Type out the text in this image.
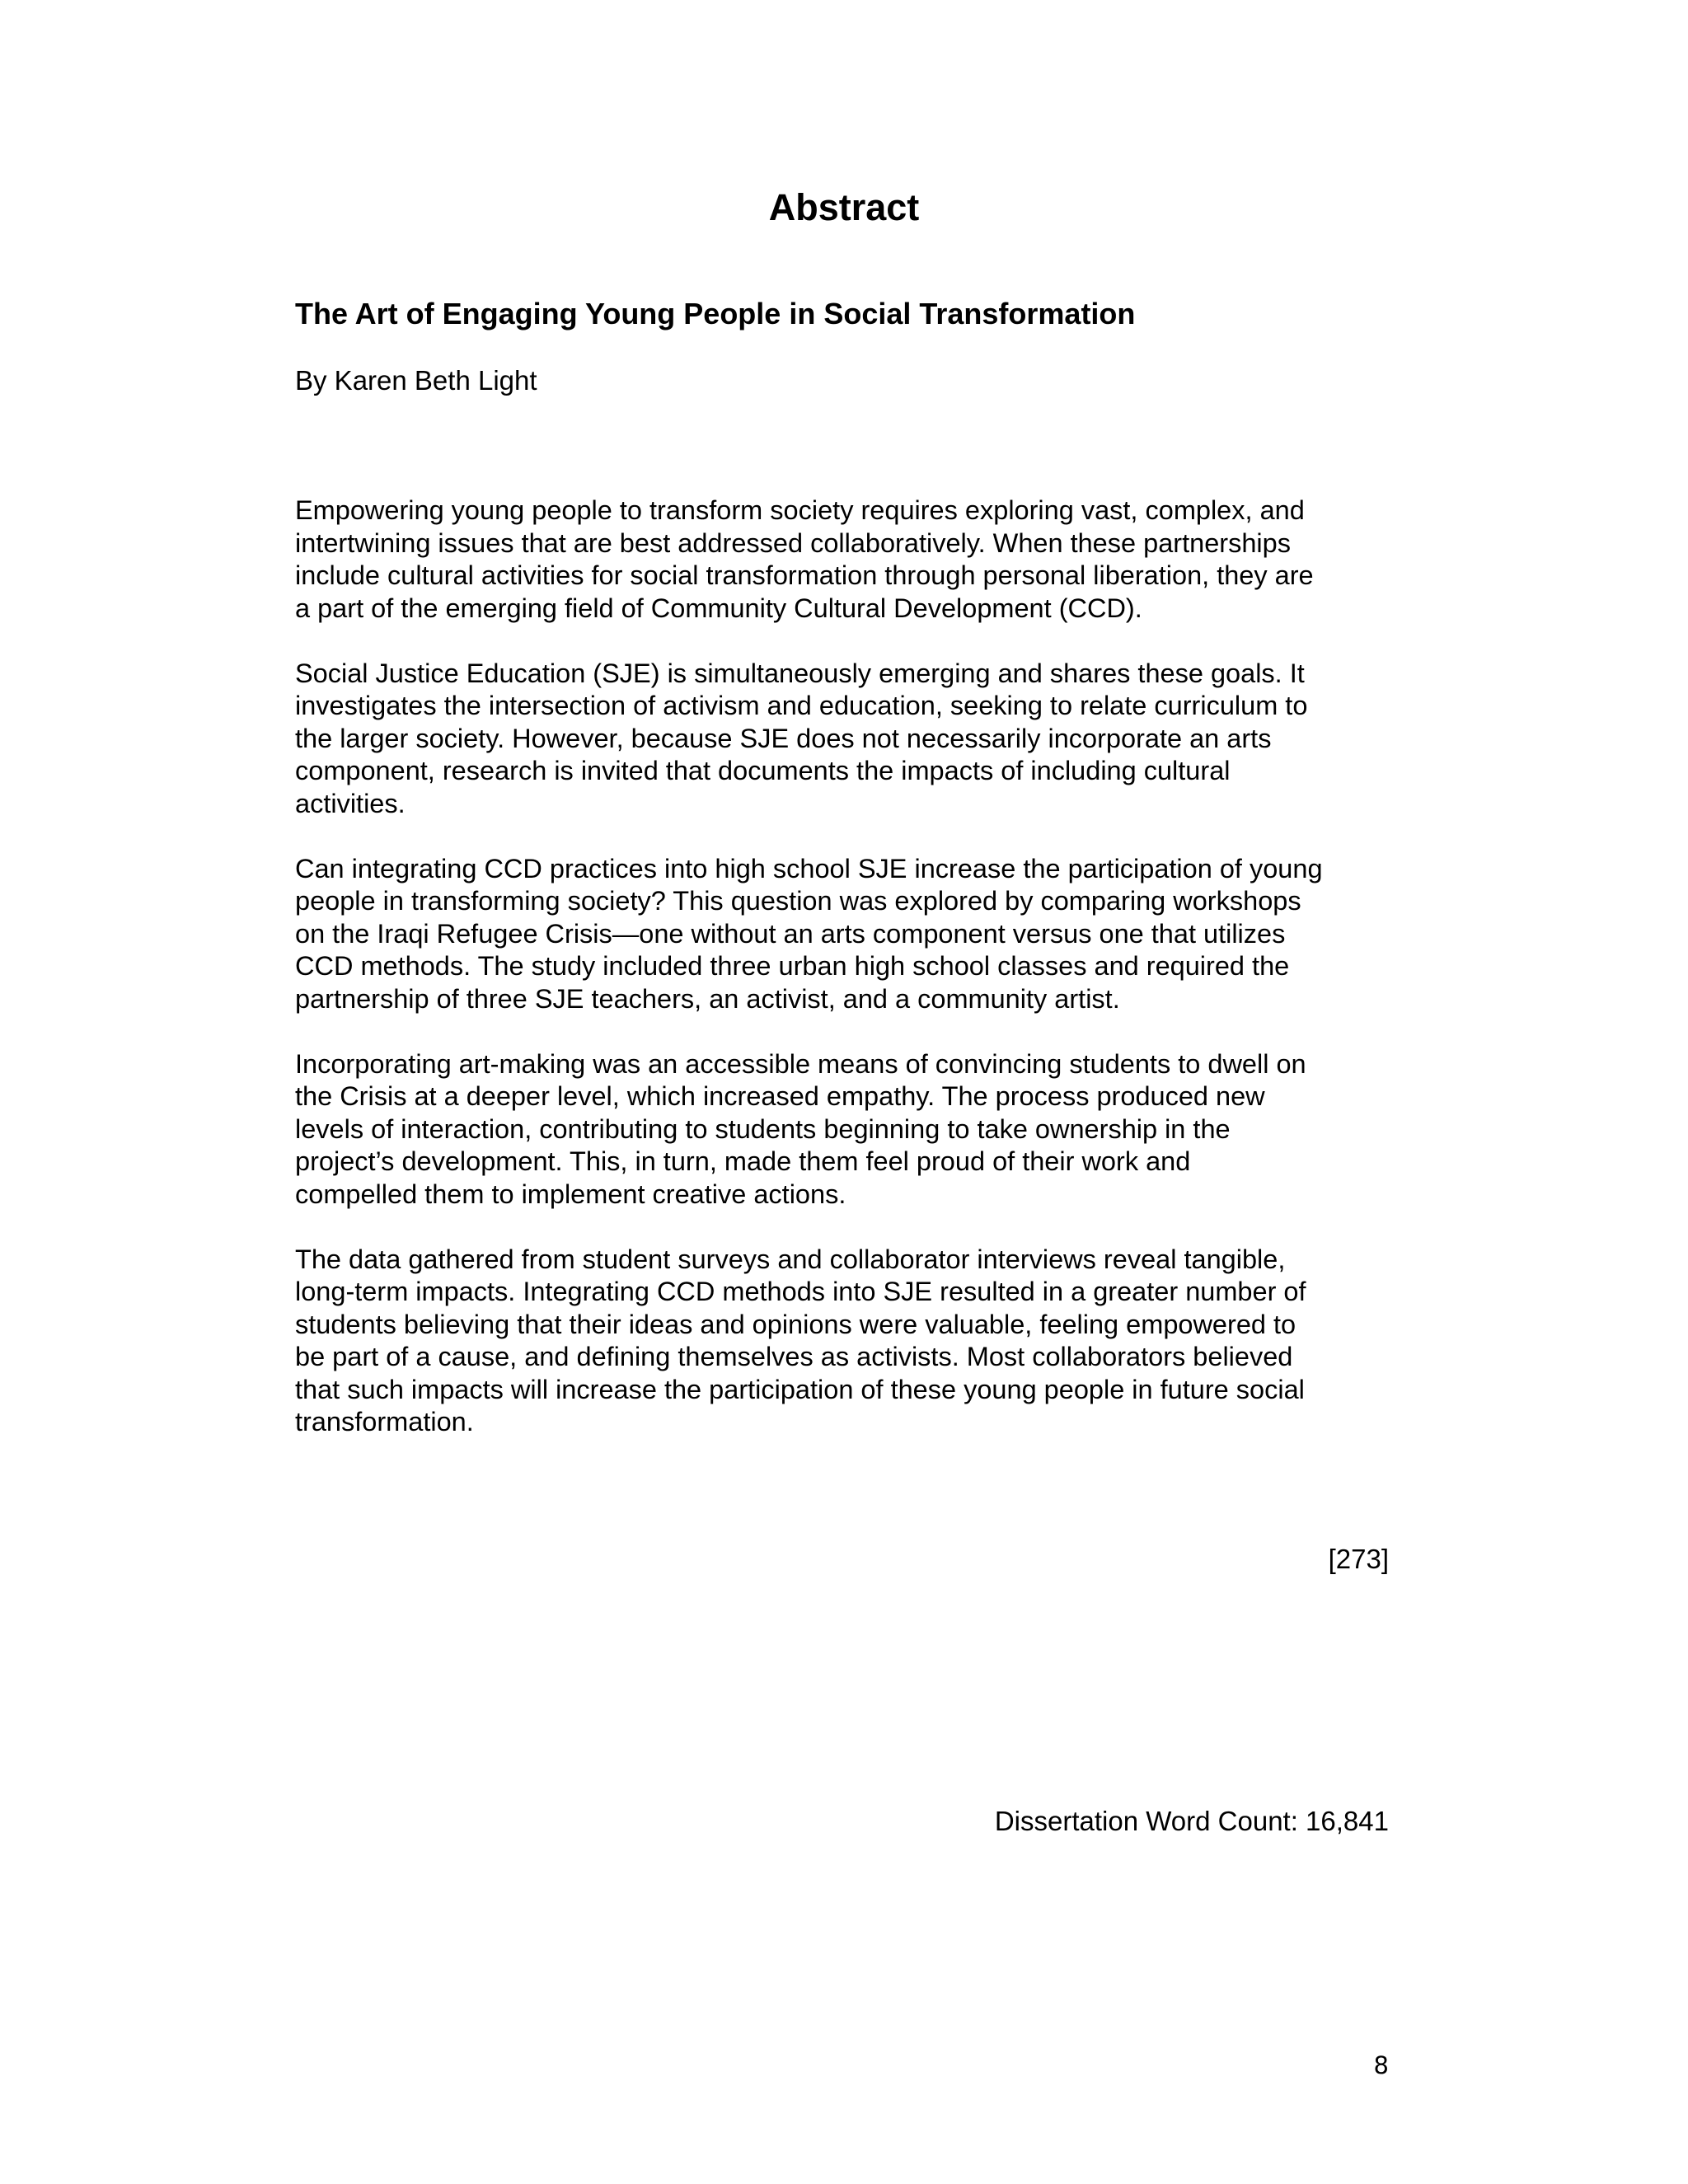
Abstract
The Art of Engaging Young People in Social Transformation

By Karen Beth Light

Empowering young people to transform society requires exploring vast, complex, and
intertwining issues that are best addressed collaboratively. When these partnerships
include cultural activities for social transformation through personal liberation, they are
a part of the emerging field of Community Cultural Development (CCD).

Social Justice Education (SJE) is simultaneously emerging and shares these goals. It
investigates the intersection of activism and education, seeking to relate curriculum to
the larger society. However, because SJE does not necessarily incorporate an arts
component, research is invited that documents the impacts of including cultural
activities.

Can integrating CCD practices into high school SJE increase the participation of young
people in transforming society? This question was explored by comparing workshops
on the Iraqi Refugee Crisis—one without an arts component versus one that utilizes
CCD methods. The study included three urban high school classes and required the
partnership of three SJE teachers, an activist, and a community artist.

Incorporating art-making was an accessible means of convincing students to dwell on
the Crisis at a deeper level, which increased empathy. The process produced new
levels of interaction, contributing to students beginning to take ownership in the
project’s development. This, in turn, made them feel proud of their work and
compelled them to implement creative actions.

The data gathered from student surveys and collaborator interviews reveal tangible,
long-term impacts. Integrating CCD methods into SJE resulted in a greater number of
students believing that their ideas and opinions were valuable, feeling empowered to
be part of a cause, and defining themselves as activists. Most collaborators believed
that such impacts will increase the participation of these young people in future social
transformation.

[273]

Dissertation Word Count: 16,841

8
